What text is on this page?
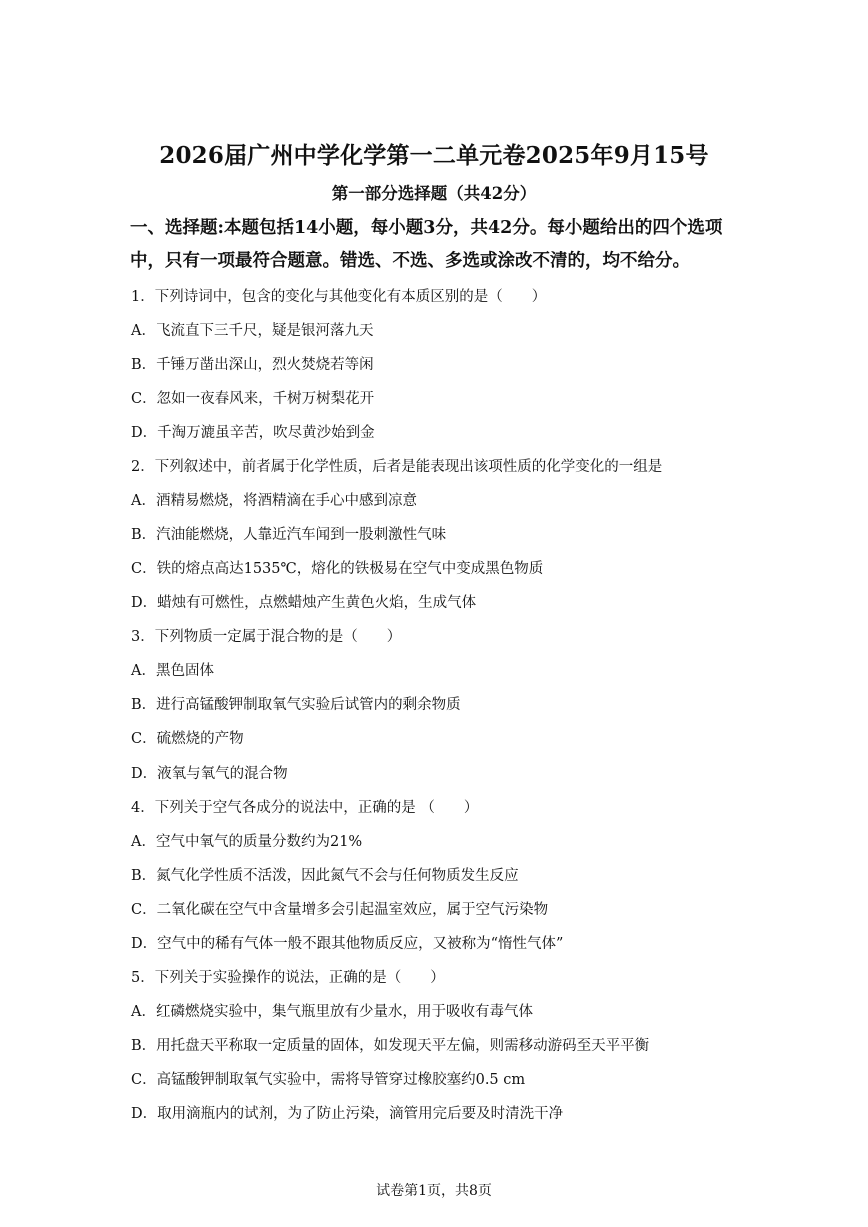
2026届广州中学化学第一二单元卷2025年9月15号
第一部分选择题（共42分）
一、选择题:本题包括14小题，每小题3分，共42分。每小题给出的四个选项
中，只有一项最符合题意。错选、不选、多选或涂改不清的，均不给分。
1．下列诗词中，包含的变化与其他变化有本质区别的是（　　）
A．飞流直下三千尺，疑是银河落九天
B．千锤万凿出深山，烈火焚烧若等闲
C．忽如一夜春风来，千树万树梨花开
D．千淘万漉虽辛苦，吹尽黄沙始到金
2．下列叙述中，前者属于化学性质，后者是能表现出该项性质的化学变化的一组是
A．酒精易燃烧，将酒精滴在手心中感到凉意
B．汽油能燃烧，人靠近汽车闻到一股刺激性气味
C．铁的熔点高达1535℃，熔化的铁极易在空气中变成黑色物质
D．蜡烛有可燃性，点燃蜡烛产生黄色火焰，生成气体
3．下列物质一定属于混合物的是（　　）
A．黑色固体
B．进行高锰酸钾制取氧气实验后试管内的剩余物质
C．硫燃烧的产物
D．液氧与氧气的混合物
4．下列关于空气各成分的说法中，正确的是 （　　）
A．空气中氧气的质量分数约为21%
B．氮气化学性质不活泼，因此氮气不会与任何物质发生反应
C．二氧化碳在空气中含量增多会引起温室效应，属于空气污染物
D．空气中的稀有气体一般不跟其他物质反应，又被称为“惰性气体”
5．下列关于实验操作的说法，正确的是（　　）
A．红磷燃烧实验中，集气瓶里放有少量水，用于吸收有毒气体
B．用托盘天平称取一定质量的固体，如发现天平左偏，则需移动游码至天平平衡
C．高锰酸钾制取氧气实验中，需将导管穿过橡胶塞约0.5 cm
D．取用滴瓶内的试剂，为了防止污染，滴管用完后要及时清洗干净
试卷第1页，共8页
